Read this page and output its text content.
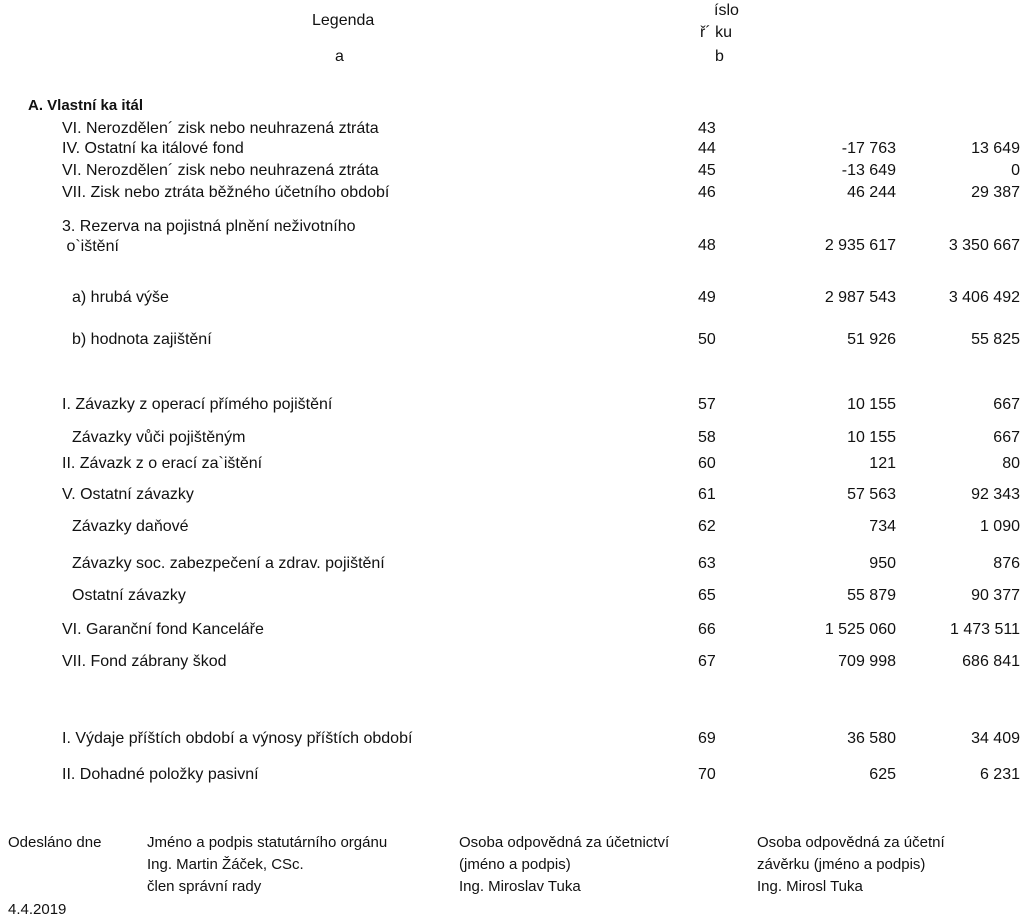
Legenda
a
íslo
ř´ ku
b
A. Vlastní ka itál
VI. Nerozdělen´ zisk nebo neuhrazená ztráta	43
IV. Ostatní ka itálové fond	44	-17 763	13 649
VI. Nerozdělen´ zisk nebo neuhrazená ztráta	45	-13 649	0
VII. Zisk nebo ztráta běžného účetního období	46	46 244	29 387
3. Rezerva na pojistná plnění neživotního
o`ištění	48	2 935 617	3 350 667
a) hrubá výše	49	2 987 543	3 406 492
b) hodnota zajištění	50	51 926	55 825
I. Závazky z operací přímého pojištění	57	10 155	667
Závazky vůči pojištěným	58	10 155	667
II. Závazk z o erací za`ištění	60	121	80
V. Ostatní závazky	61	57 563	92 343
Závazky daňové	62	734	1 090
Závazky soc. zabezpečení a zdrav. pojištění	63	950	876
Ostatní závazky	65	55 879	90 377
VI. Garanční fond Kanceláře	66	1 525 060	1 473 511
VII. Fond zábrany škod	67	709 998	686 841
I. Výdaje příštích období a výnosy příštích období	69	36 580	34 409
II. Dohadné položky pasivní	70	625	6 231
Odesláno dne
4.4.2019
Jméno a podpis statutárního orgánu
Ing. Martin Žáček, CSc.
člen správní rady
Osoba odpovědná za účetnictví
(jméno a podpis)
Ing. Miroslav Tuka
Osoba odpovědná za účetní
závěrku (jméno a podpis)
Ing. Mirosl Tuka
